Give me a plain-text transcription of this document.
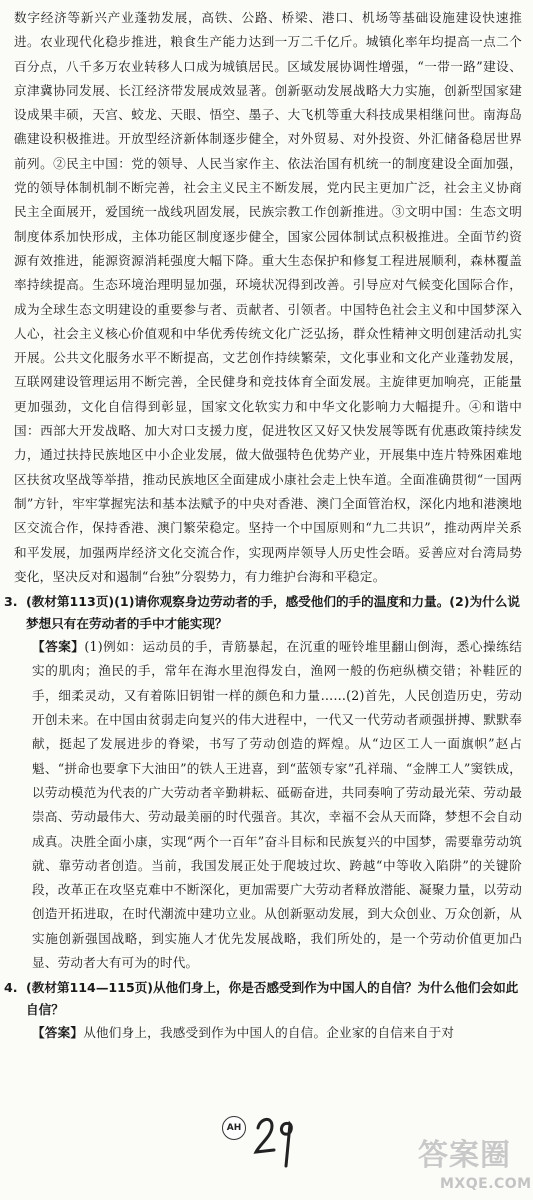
数字经济等新兴产业蓬勃发展，高铁、公路、桥梁、港口、机场等基础设施建设快速推进。农业现代化稳步推进，粮食生产能力达到一万二千亿斤。城镇化率年均提高一点二个百分点，八千多万农业转移人口成为城镇居民。区域发展协调性增强，“一带一路”建设、京津冀协同发展、长江经济带发展成效显著。创新驱动发展战略大力实施，创新型国家建设成果丰硕，天宫、蛟龙、天眼、悟空、墨子、大飞机等重大科技成果相继问世。南海岛礁建设积极推进。开放型经济新体制逐步健全，对外贸易、对外投资、外汇储备稳居世界前列。②民主中国：党的领导、人民当家作主、依法治国有机统一的制度建设全面加强，党的领导体制机制不断完善，社会主义民主不断发展，党内民主更加广泛，社会主义协商民主全面展开，爱国统一战线巩固发展，民族宗教工作创新推进。③文明中国：生态文明制度体系加快形成，主体功能区制度逐步健全，国家公园体制试点积极推进。全面节约资源有效推进，能源资源消耗强度大幅下降。重大生态保护和修复工程进展顺利，森林覆盖率持续提高。生态环境治理明显加强，环境状况得到改善。引导应对气候变化国际合作，成为全球生态文明建设的重要参与者、贡献者、引领者。中国特色社会主义和中国梦深入人心，社会主义核心价值观和中华优秀传统文化广泛弘扬，群众性精神文明创建活动扎实开展。公共文化服务水平不断提高，文艺创作持续繁荣，文化事业和文化产业蓬勃发展，互联网建设管理运用不断完善，全民健身和竞技体育全面发展。主旋律更加响亮，正能量更加强劲，文化自信得到彰显，国家文化软实力和中华文化影响力大幅提升。④和谐中国：西部大开发战略、加大对口支援力度，促进牧区又好又快发展等既有优惠政策持续发力，通过扶持民族地区中小企业发展，做大做强特色优势产业，开展集中连片特殊困难地区扶贫攻坚战等举措，推动民族地区全面建成小康社会走上快车道。全面准确贯彻“一国两制”方针，牢牢掌握宪法和基本法赋予的中央对香港、澳门全面管治权，深化内地和港澳地区交流合作，保持香港、澳门繁荣稳定。坚持一个中国原则和“九二共识”，推动两岸关系和平发展，加强两岸经济文化交流合作，实现两岸领导人历史性会晤。妥善应对台湾局势变化，坚决反对和遏制“台独”分裂势力，有力维护台海和平稳定。

3. (教材第113页)(1)请你观察身边劳动者的手，感受他们的手的温度和力量。(2)为什么说梦想只有在劳动者的手中才能实现？

【答案】(1)例如：运动员的手，青筋暴起，在沉重的哑铃堆里翻山倒海，悉心操练结实的肌肉；渔民的手，常年在海水里泡得发白，渔网一般的伤疤纵横交错；补鞋匠的手，细柔灵动，又有着陈旧钥钳一样的颜色和力量……(2)首先，人民创造历史，劳动开创未来。在中国由贫弱走向复兴的伟大进程中，一代又一代劳动者顽强拼搏、默默奉献，挺起了发展进步的脊梁，书写了劳动创造的辉煌。从“边区工人一面旗帜”赵占魁、“拼命也要拿下大油田”的铁人王进喜，到“蓝领专家”孔祥瑞、“金牌工人”窦铁成，以劳动模范为代表的广大劳动者辛勤耕耘、砥砺奋进，共同奏响了劳动最光荣、劳动最崇高、劳动最伟大、劳动最美丽的时代强音。其次，幸福不会从天而降，梦想不会自动成真。决胜全面小康，实现“两个一百年”奋斗目标和民族复兴的中国梦，需要靠劳动筑就、靠劳动者创造。当前，我国发展正处于爬坡过坎、跨越“中等收入陷阱”的关键阶段，改革正在攻坚克难中不断深化，更加需要广大劳动者释放潜能、凝聚力量，以劳动创造开拓进取，在时代潮流中建功立业。从创新驱动发展，到大众创业、万众创新，从实施创新强国战略，到实施人才优先发展战略，我们所处的，是一个劳动价值更加凸显、劳动者大有可为的时代。

4. (教材第114—115页)从他们身上，你是否感受到作为中国人的自信？为什么他们会如此自信？

【答案】从他们身上，我感受到作为中国人的自信。企业家的自信来自于对

AH
答案圈
MXQE.COM
